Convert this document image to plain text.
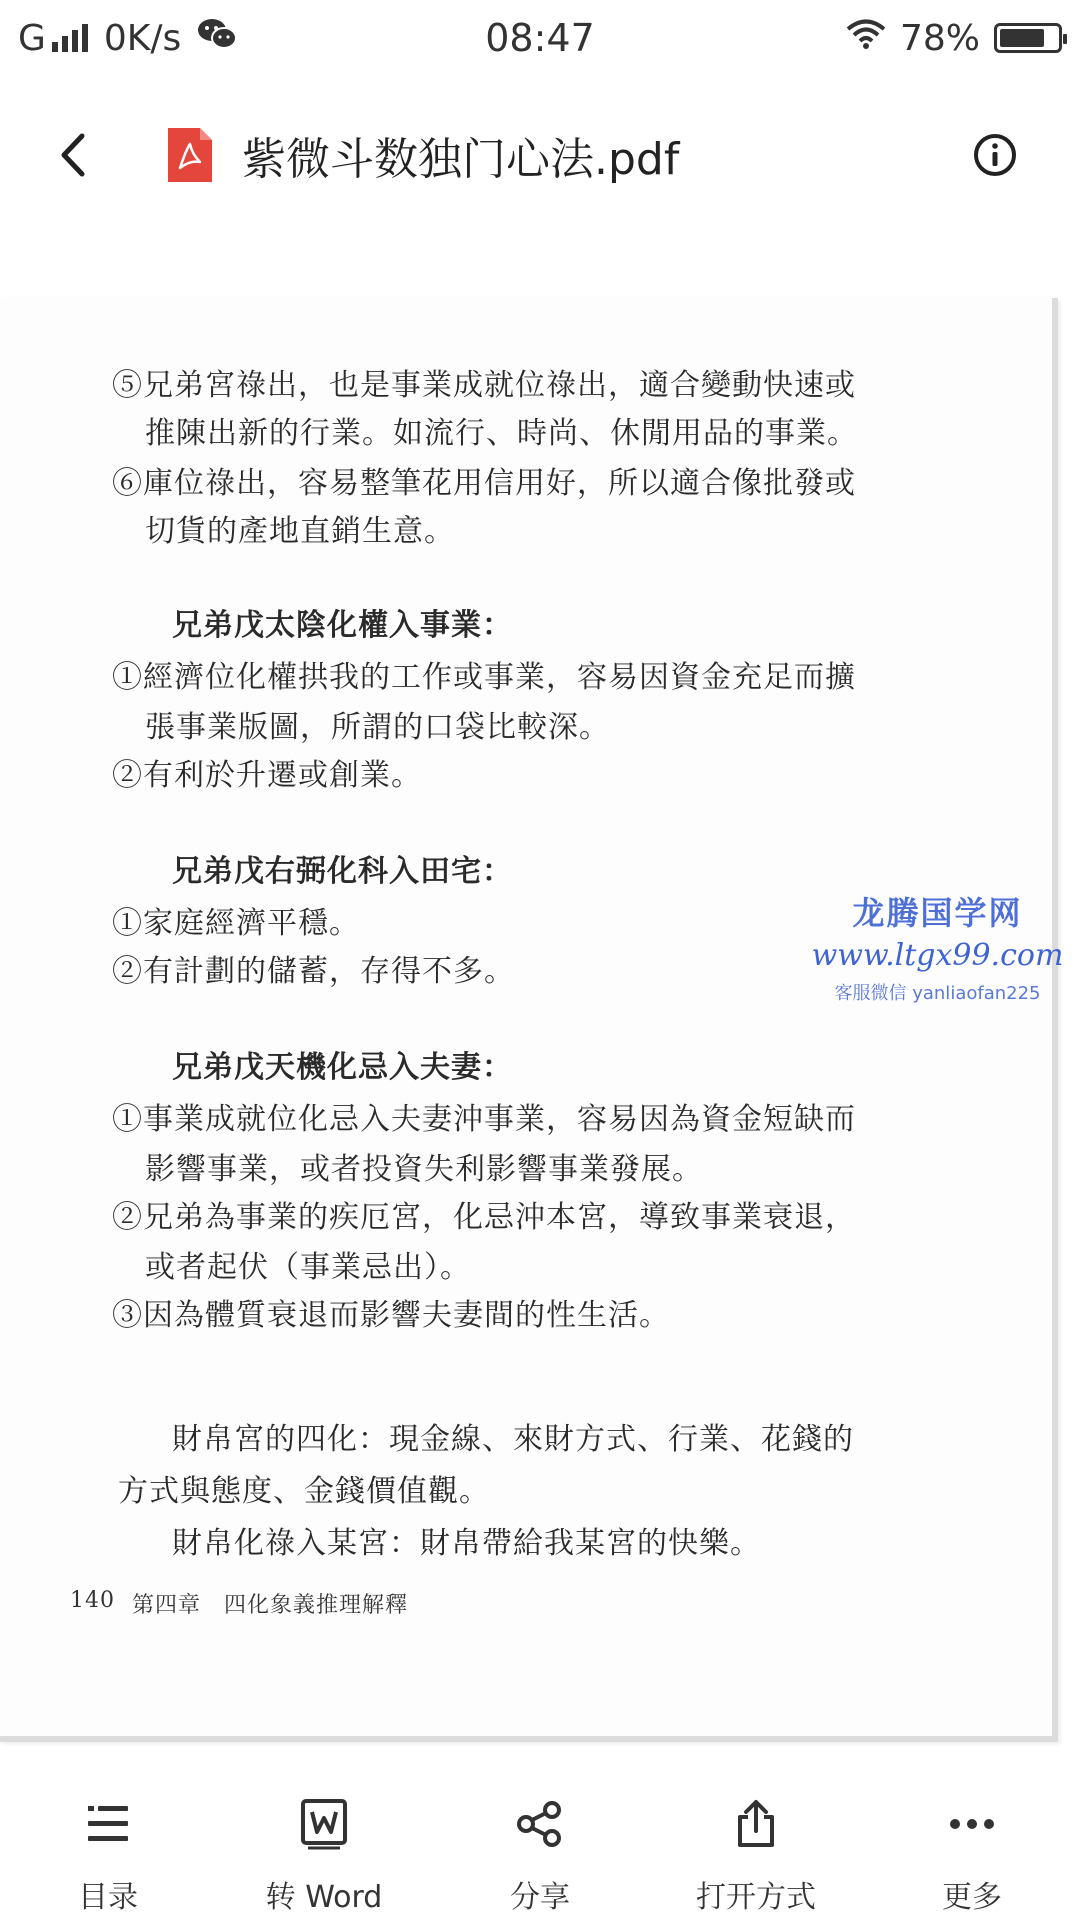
G 0K/s	08:47	78%
紫微斗数独门心法.pdf
⑤兄弟宮祿出，也是事業成就位祿出，適合變動快速或
推陳出新的行業。如流行、時尚、休閒用品的事業。
⑥庫位祿出，容易整筆花用信用好，所以適合像批發或
切貨的產地直銷生意。
兄弟戊太陰化權入事業：
①經濟位化權拱我的工作或事業，容易因資金充足而擴
張事業版圖，所謂的口袋比較深。
②有利於升遷或創業。
兄弟戊右弼化科入田宅：
①家庭經濟平穩。
②有計劃的儲蓄，存得不多。
兄弟戊天機化忌入夫妻：
①事業成就位化忌入夫妻沖事業，容易因為資金短缺而
影響事業，或者投資失利影響事業發展。
②兄弟為事業的疾厄宮，化忌沖本宮，導致事業衰退，
或者起伏（事業忌出）。
③因為體質衰退而影響夫妻間的性生活。
財帛宮的四化：現金線、來財方式、行業、花錢的
方式與態度、金錢價值觀。
財帛化祿入某宮：財帛帶給我某宮的快樂。
140 第四章　四化象義推理解釋
龙腾国学网
www.ltgx99.com
客服微信 yanliaofan225
目录	转 Word	分享	打开方式	更多
